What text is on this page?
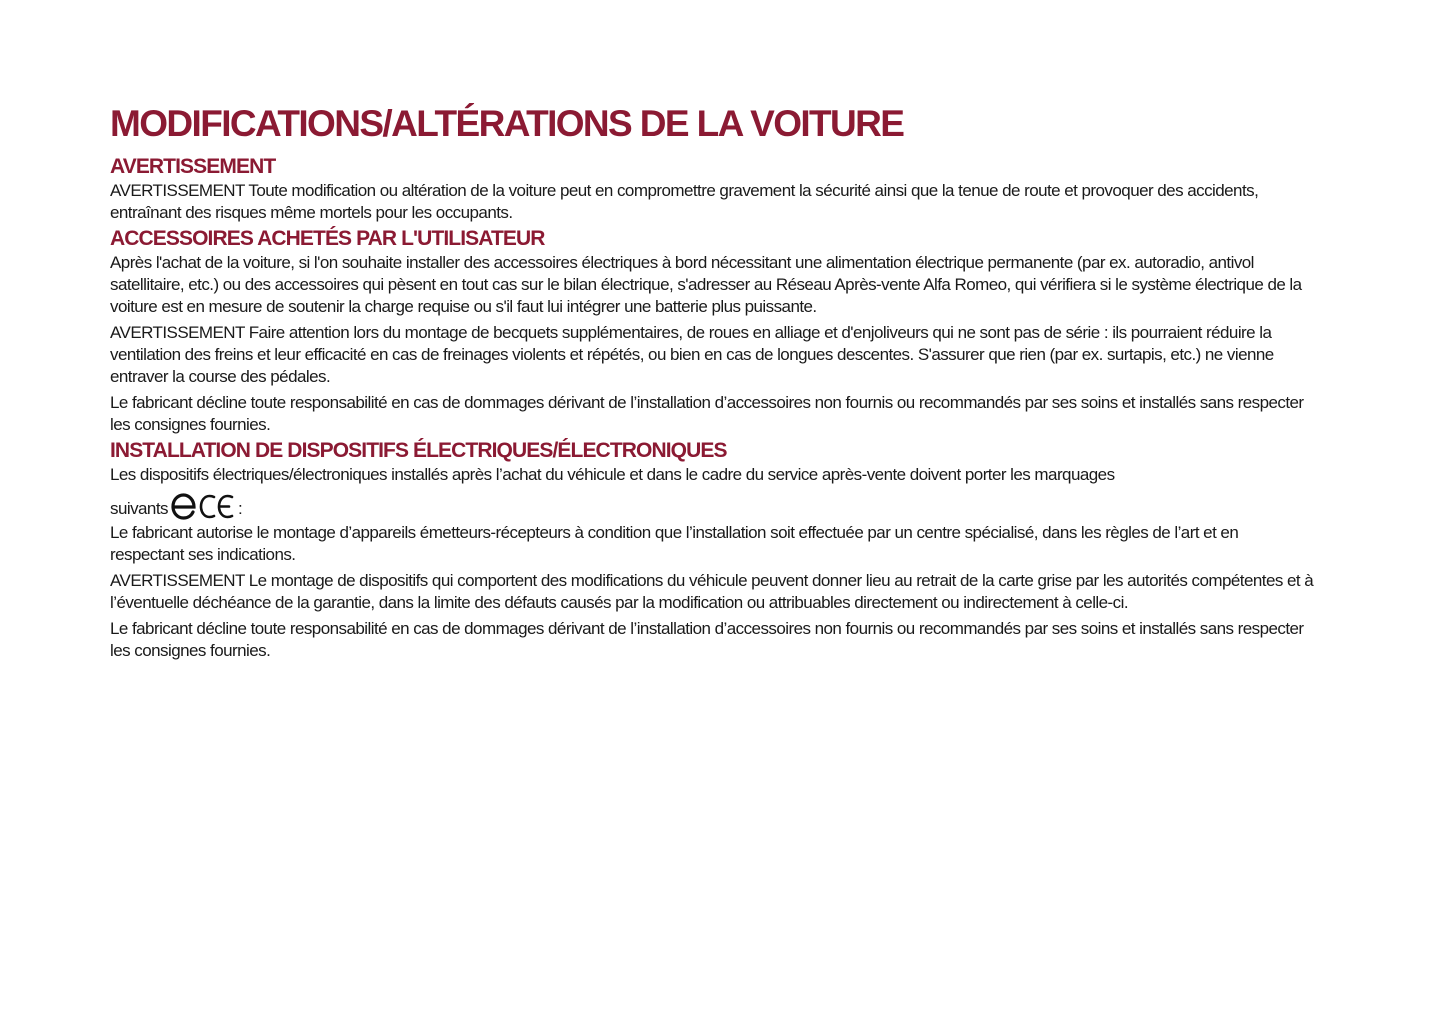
MODIFICATIONS/ALTÉRATIONS DE LA VOITURE
AVERTISSEMENT

AVERTISSEMENT Toute modification ou altération de la voiture peut en compromettre gravement la sécurité ainsi que la tenue de route et provoquer des accidents, entraînant des risques même mortels pour les occupants.

ACCESSOIRES ACHETÉS PAR L'UTILISATEUR

Après l'achat de la voiture, si l'on souhaite installer des accessoires électriques à bord nécessitant une alimentation électrique permanente (par ex. autoradio, antivol satellitaire, etc.) ou des accessoires qui pèsent en tout cas sur le bilan électrique, s'adresser au Réseau Après-vente Alfa Romeo, qui vérifiera si le système électrique de la voiture est en mesure de soutenir la charge requise ou s'il faut lui intégrer une batterie plus puissante.

AVERTISSEMENT Faire attention lors du montage de becquets supplémentaires, de roues en alliage et d'enjoliveurs qui ne sont pas de série : ils pourraient réduire la ventilation des freins et leur efficacité en cas de freinages violents et répétés, ou bien en cas de longues descentes. S'assurer que rien (par ex. surtapis, etc.) ne vienne entraver la course des pédales.

Le fabricant décline toute responsabilité en cas de dommages dérivant de l’installation d’accessoires non fournis ou recommandés par ses soins et installés sans respecter les consignes fournies.

INSTALLATION DE DISPOSITIFS ÉLECTRIQUES/ÉLECTRONIQUES

Les dispositifs électriques/électroniques installés après l’achat du véhicule et dans le cadre du service après-vente doivent porter les marquages

suivants	:

Le fabricant autorise le montage d’appareils émetteurs-récepteurs à condition que l’installation soit effectuée par un centre spécialisé, dans les règles de l’art et en respectant ses indications.

AVERTISSEMENT Le montage de dispositifs qui comportent des modifications du véhicule peuvent donner lieu au retrait de la carte grise par les autorités compétentes et à l’éventuelle déchéance de la garantie, dans la limite des défauts causés par la modification ou attribuables directement ou indirectement à celle-ci.

Le fabricant décline toute responsabilité en cas de dommages dérivant de l’installation d’accessoires non fournis ou recommandés par ses soins et installés sans respecter les consignes fournies.
